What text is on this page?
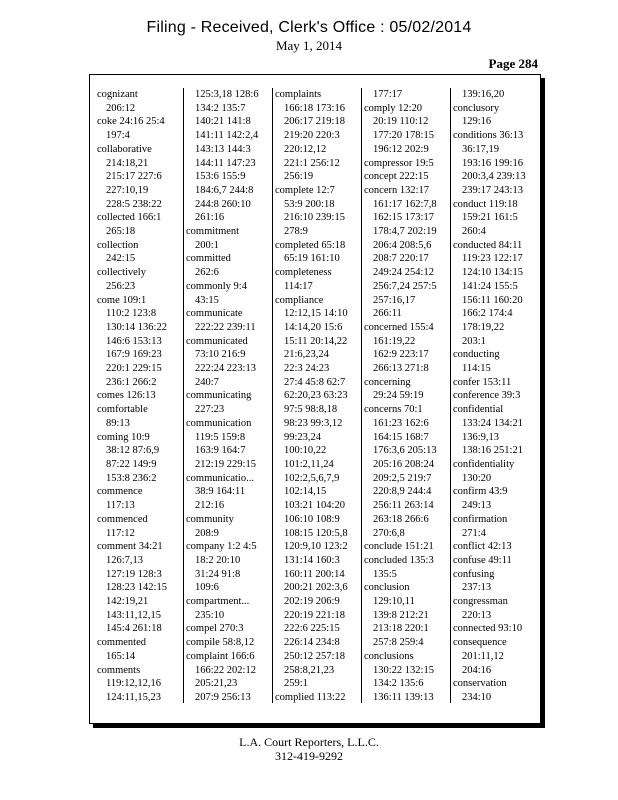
Filing - Received, Clerk's Office : 05/02/2014
May 1, 2014
Page 284
cognizant
206:12
coke 24:16 25:4
197:4
collaborative
214:18,21
215:17 227:6
227:10,19
228:5 238:22
collected 166:1
265:18
collection
242:15
collectively
256:23
come 109:1
110:2 123:8
130:14 136:22
146:6 153:13
167:9 169:23
220:1 229:15
236:1 266:2
comes 126:13
comfortable
89:13
coming 10:9
38:12 87:6,9
87:22 149:9
153:8 236:2
commence
117:13
commenced
117:12
comment 34:21
126:7,13
127:19 128:3
128:23 142:15
142:19,21
143:11,12,15
145:4 261:18
commented
165:14
comments
119:12,12,16
124:11,15,23
125:3,18 128:6
134:2 135:7
140:21 141:8
141:11 142:2,4
143:13 144:3
144:11 147:23
153:6 155:9
184:6,7 244:8
244:8 260:10
261:16
commitment
200:1
committed
262:6
commonly 9:4
43:15
communicate
222:22 239:11
communicated
73:10 216:9
222:24 223:13
240:7
communicating
227:23
communication
119:5 159:8
163:9 164:7
212:19 229:15
communicatio...
38:9 164:11
212:16
community
208:9
company 1:2 4:5
18:2 20:10
31:24 91:8
109:6
compartment...
235:10
compel 270:3
compile 58:8,12
complaint 166:6
166:22 202:12
205:21,23
207:9 256:13
complaints
166:18 173:16
206:17 219:18
219:20 220:3
220:12,12
221:1 256:12
256:19
complete 12:7
53:9 200:18
216:10 239:15
278:9
completed 65:18
65:19 161:10
completeness
114:17
compliance
12:12,15 14:10
14:14,20 15:6
15:11 20:14,22
21:6,23,24
22:3 24:23
27:4 45:8 62:7
62:20,23 63:23
97:5 98:8,18
98:23 99:3,12
99:23,24
100:10,22
101:2,11,24
102:2,5,6,7,9
102:14,15
103:21 104:20
106:10 108:9
108:15 120:5,8
120:9,10 123:2
131:14 160:3
160:11 200:14
200:21 202:3,6
202:19 206:9
220:19 221:18
222:6 225:15
226:14 234:8
250:12 257:18
258:8,21,23
259:1
complied 113:22
177:17
comply 12:20
20:19 110:12
177:20 178:15
196:12 202:9
compressor 19:5
concept 222:15
concern 132:17
161:17 162:7,8
162:15 173:17
178:4,7 202:19
206:4 208:5,6
208:7 220:17
249:24 254:12
256:7,24 257:5
257:16,17
266:11
concerned 155:4
161:19,22
162:9 223:17
266:13 271:8
concerning
29:24 59:19
concerns 70:1
161:23 162:6
164:15 168:7
176:3,6 205:13
205:16 208:24
209:2,5 219:7
220:8,9 244:4
256:11 263:14
263:18 266:6
270:6,8
conclude 151:21
concluded 135:3
135:5
conclusion
129:10,11
139:8 212:21
213:18 220:1
257:8 259:4
conclusions
130:22 132:15
134:2 135:6
136:11 139:13
139:16,20
conclusory
129:16
conditions 36:13
36:17,19
193:16 199:16
200:3,4 239:13
239:17 243:13
conduct 119:18
159:21 161:5
260:4
conducted 84:11
119:23 122:17
124:10 134:15
141:24 155:5
156:11 160:20
166:2 174:4
178:19,22
203:1
conducting
114:15
confer 153:11
conference 39:3
confidential
133:24 134:21
136:9,13
138:16 251:21
confidentiality
130:20
confirm 43:9
249:13
confirmation
271:4
conflict 42:13
confuse 49:11
confusing
237:13
congressman
220:13
connected 93:10
consequence
201:11,12
204:16
conservation
234:10
L.A. Court Reporters, L.L.C.
312-419-9292
